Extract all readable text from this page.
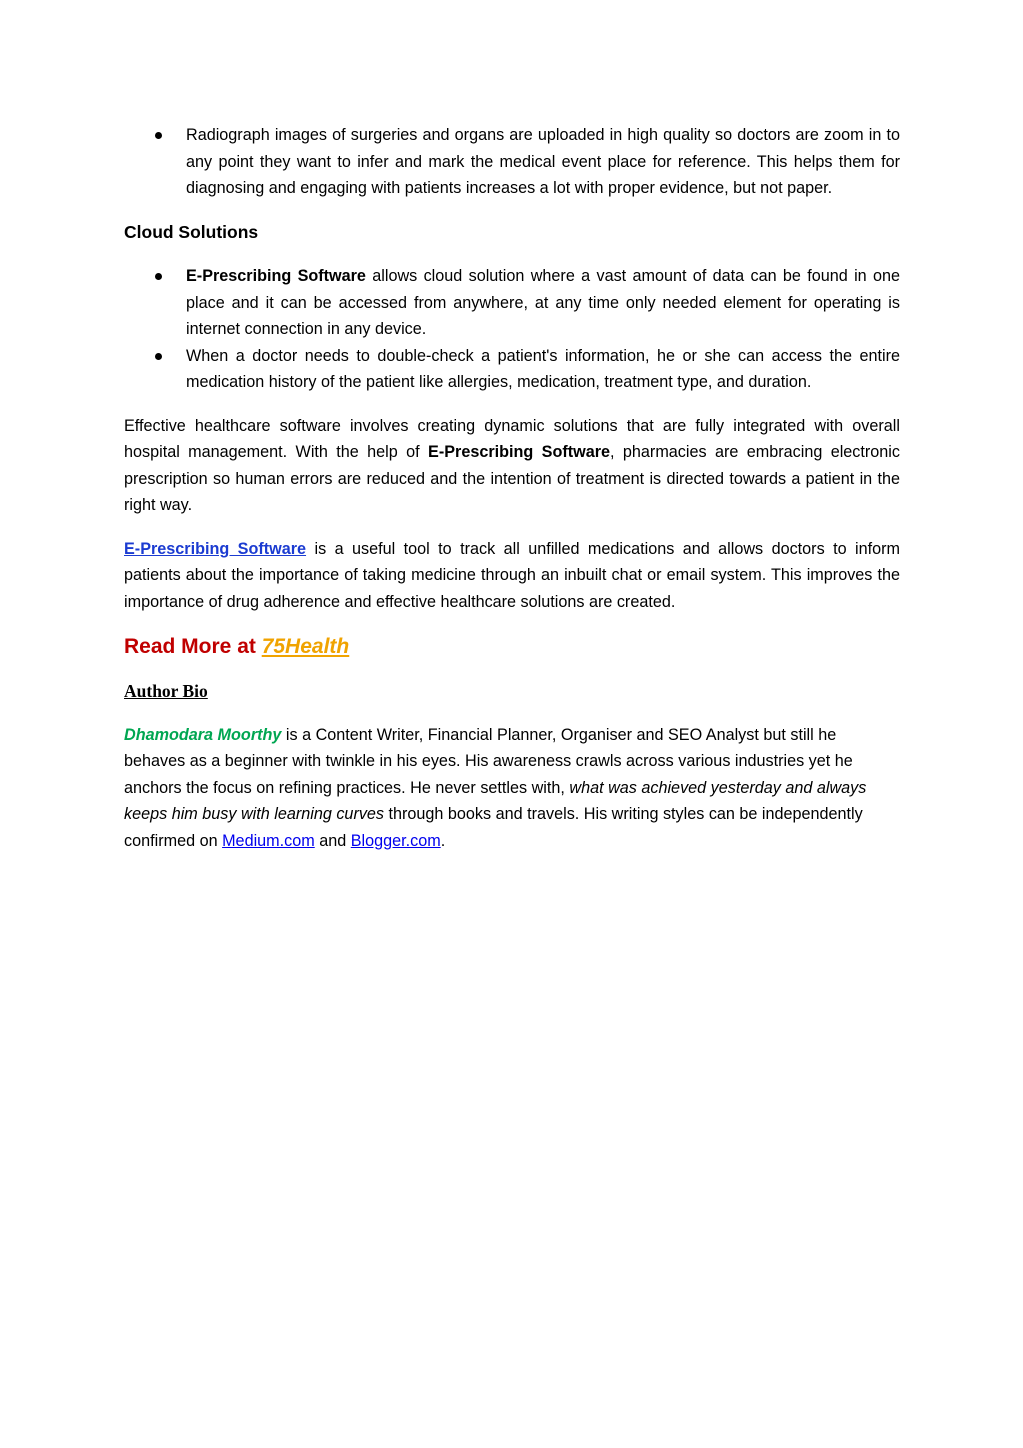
Radiograph images of surgeries and organs are uploaded in high quality so doctors are zoom in to any point they want to infer and mark the medical event place for reference. This helps them for diagnosing and engaging with patients increases a lot with proper evidence, but not paper.
Cloud Solutions
E-Prescribing Software allows cloud solution where a vast amount of data can be found in one place and it can be accessed from anywhere, at any time only needed element for operating is internet connection in any device.
When a doctor needs to double-check a patient's information, he or she can access the entire medication history of the patient like allergies, medication, treatment type, and duration.

Effective healthcare software involves creating dynamic solutions that are fully integrated with overall hospital management. With the help of E-Prescribing Software, pharmacies are embracing electronic prescription so human errors are reduced and the intention of treatment is directed towards a patient in the right way.

E-Prescribing Software is a useful tool to track all unfilled medications and allows doctors to inform patients about the importance of taking medicine through an inbuilt chat or email system. This improves the importance of drug adherence and effective healthcare solutions are created.

Read More at 75Health
Author Bio

Dhamodara Moorthy is a Content Writer, Financial Planner, Organiser and SEO Analyst but still he behaves as a beginner with twinkle in his eyes. His awareness crawls across various industries yet he anchors the focus on refining practices. He never settles with, what was achieved yesterday and always keeps him busy with learning curves through books and travels. His writing styles can be independently confirmed on Medium.com and Blogger.com.
